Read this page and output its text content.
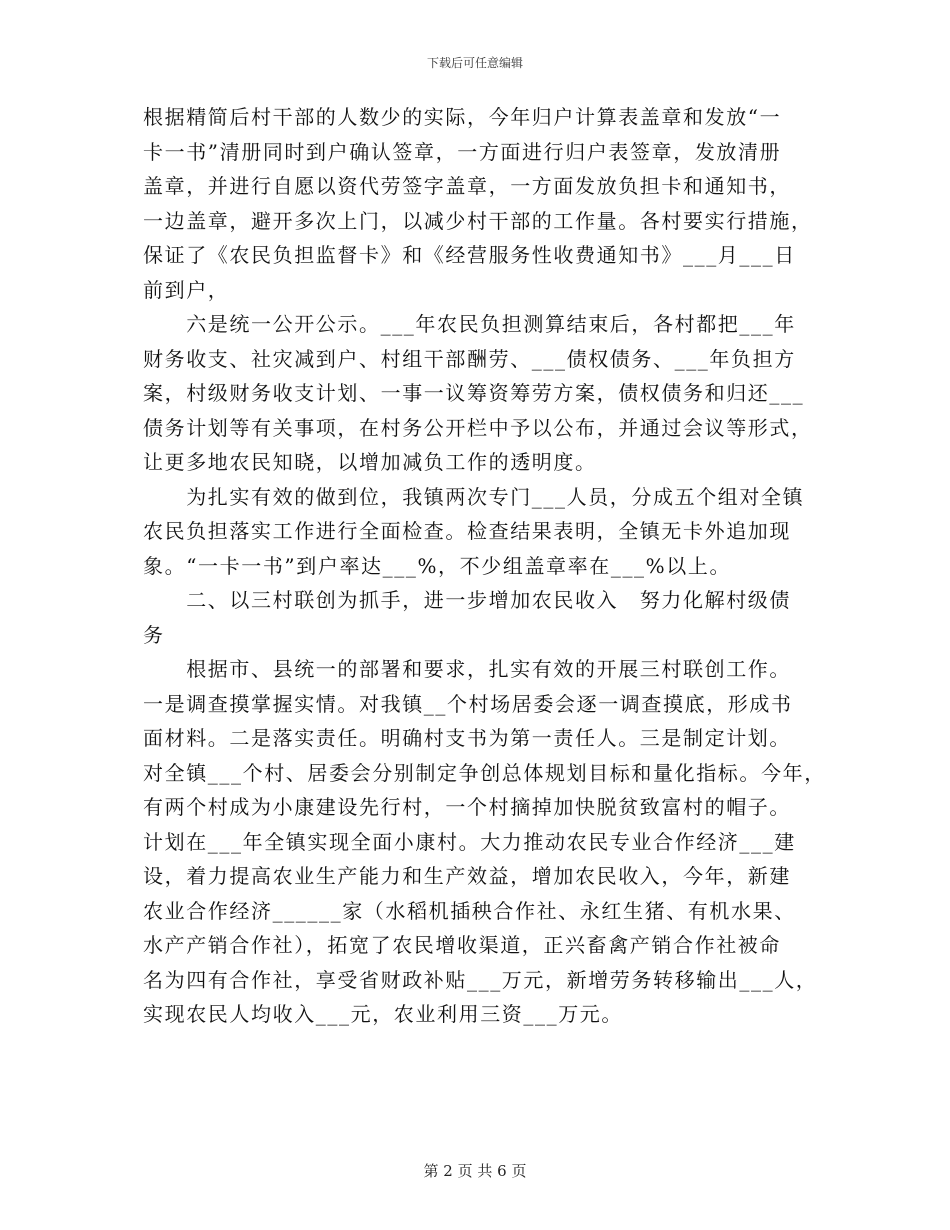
下载后可任意编辑
根据精简后村干部的人数少的实际，今年归户计算表盖章和发放“一
卡一书”清册同时到户确认签章，一方面进行归户表签章，发放清册
盖章，并进行自愿以资代劳签字盖章，一方面发放负担卡和通知书，
一边盖章，避开多次上门，以减少村干部的工作量。各村要实行措施，
保证了《农民负担监督卡》和《经营服务性收费通知书》___月___日
前到户，
　　六是统一公开公示。___年农民负担测算结束后，各村都把___年
财务收支、社灾减到户、村组干部酬劳、___债权债务、___年负担方
案，村级财务收支计划、一事一议筹资筹劳方案，债权债务和归还___
债务计划等有关事项，在村务公开栏中予以公布，并通过会议等形式，
让更多地农民知晓，以增加减负工作的透明度。
　　为扎实有效的做到位，我镇两次专门___人员，分成五个组对全镇
农民负担落实工作进行全面检查。检查结果表明，全镇无卡外追加现
象。“一卡一书”到户率达___%，不少组盖章率在___%以上。
　　二、以三村联创为抓手，进一步增加农民收入　努力化解村级债
务
　　根据市、县统一的部署和要求，扎实有效的开展三村联创工作。
一是调查摸掌握实情。对我镇__个村场居委会逐一调查摸底，形成书
面材料。二是落实责任。明确村支书为第一责任人。三是制定计划。
对全镇___个村、居委会分别制定争创总体规划目标和量化指标。今年，
有两个村成为小康建设先行村，一个村摘掉加快脱贫致富村的帽子。
计划在___年全镇实现全面小康村。大力推动农民专业合作经济___建
设，着力提高农业生产能力和生产效益，增加农民收入，今年，新建
农业合作经济______家（水稻机插秧合作社、永红生猪、有机水果、
水产产销合作社），拓宽了农民增收渠道，正兴畜禽产销合作社被命
名为四有合作社，享受省财政补贴___万元，新增劳务转移输出___人，
实现农民人均收入___元，农业利用三资___万元。
第 2 页 共 6 页
